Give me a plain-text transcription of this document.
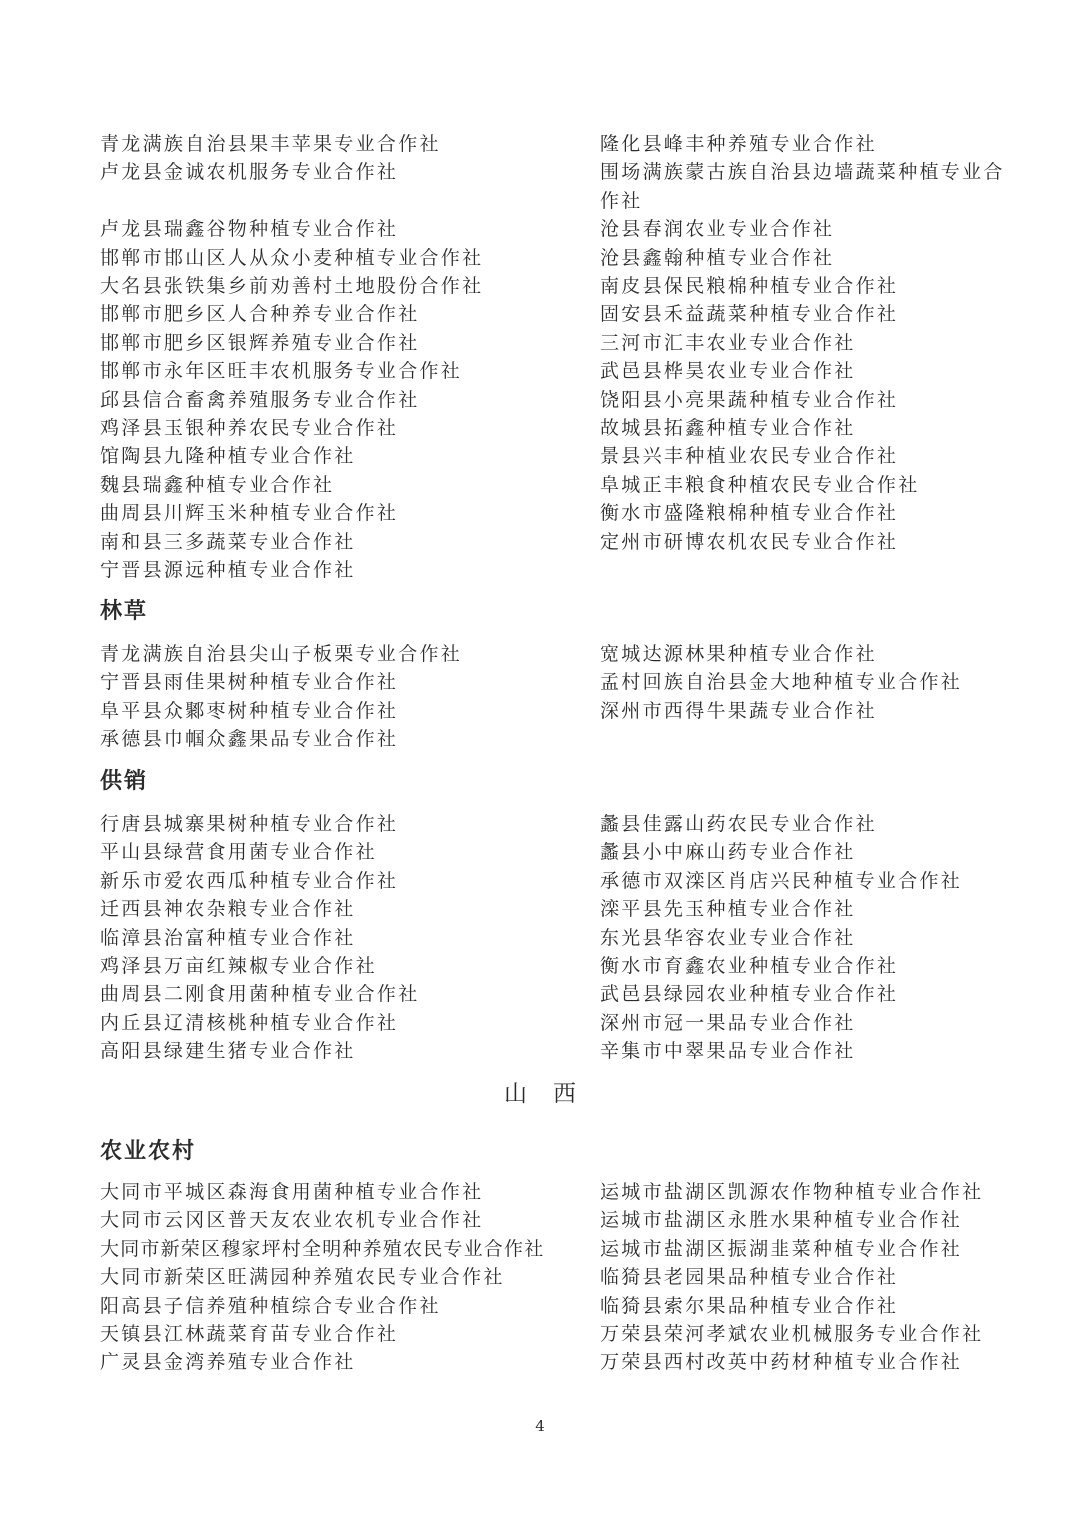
青龙满族自治县果丰苹果专业合作社
卢龙县金诚农机服务专业合作社
卢龙县瑞鑫谷物种植专业合作社
邯郸市邯山区人从众小麦种植专业合作社
大名县张铁集乡前劝善村土地股份合作社
邯郸市肥乡区人合种养专业合作社
邯郸市肥乡区银辉养殖专业合作社
邯郸市永年区旺丰农机服务专业合作社
邱县信合畜禽养殖服务专业合作社
鸡泽县玉银种养农民专业合作社
馆陶县九隆种植专业合作社
魏县瑞鑫种植专业合作社
曲周县川辉玉米种植专业合作社
南和县三多蔬菜专业合作社
宁晋县源远种植专业合作社
隆化县峰丰种养殖专业合作社
围场满族蒙古族自治县边墙蔬菜种植专业合作社
沧县春润农业专业合作社
沧县鑫翰种植专业合作社
南皮县保民粮棉种植专业合作社
固安县禾益蔬菜种植专业合作社
三河市汇丰农业专业合作社
武邑县桦昊农业专业合作社
饶阳县小亮果蔬种植专业合作社
故城县拓鑫种植专业合作社
景县兴丰种植业农民专业合作社
阜城正丰粮食种植农民专业合作社
衡水市盛隆粮棉种植专业合作社
定州市研博农机农民专业合作社
林草
青龙满族自治县尖山子板栗专业合作社
宁晋县雨佳果树种植专业合作社
阜平县众鄹枣树种植专业合作社
承德县巾帼众鑫果品专业合作社
宽城达源林果种植专业合作社
孟村回族自治县金大地种植专业合作社
深州市西得牛果蔬专业合作社
供销
行唐县城寨果树种植专业合作社
平山县绿营食用菌专业合作社
新乐市爱农西瓜种植专业合作社
迁西县神农杂粮专业合作社
临漳县治富种植专业合作社
鸡泽县万亩红辣椒专业合作社
曲周县二刚食用菌种植专业合作社
内丘县辽清核桃种植专业合作社
高阳县绿建生猪专业合作社
蠡县佳露山药农民专业合作社
蠡县小中麻山药专业合作社
承德市双滦区肖店兴民种植专业合作社
滦平县先玉种植专业合作社
东光县华容农业专业合作社
衡水市育鑫农业种植专业合作社
武邑县绿园农业种植专业合作社
深州市冠一果品专业合作社
辛集市中翠果品专业合作社
山西
农业农村
大同市平城区森海食用菌种植专业合作社
大同市云冈区普天友农业农机专业合作社
大同市新荣区穆家坪村全明种养殖农民专业合作社
大同市新荣区旺满园种养殖农民专业合作社
阳高县子信养殖种植综合专业合作社
天镇县江林蔬菜育苗专业合作社
广灵县金湾养殖专业合作社
运城市盐湖区凯源农作物种植专业合作社
运城市盐湖区永胜水果种植专业合作社
运城市盐湖区振湖韭菜种植专业合作社
临猗县老园果品种植专业合作社
临猗县索尔果品种植专业合作社
万荣县荣河孝斌农业机械服务专业合作社
万荣县西村改英中药材种植专业合作社
4
